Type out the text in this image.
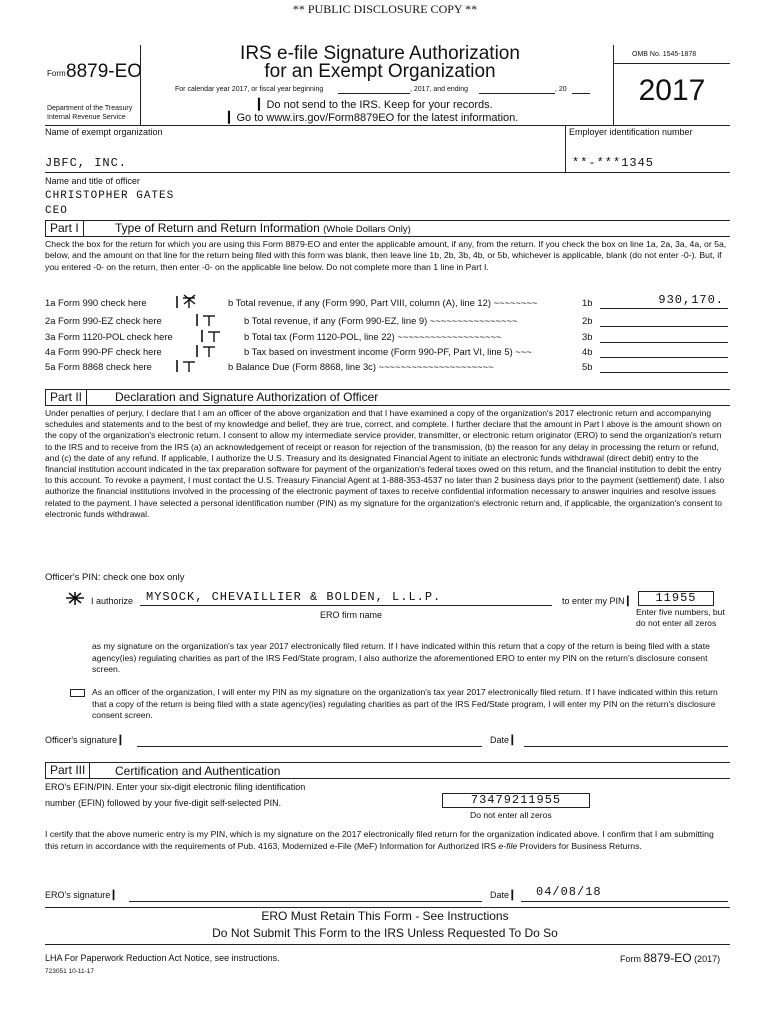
** PUBLIC DISCLOSURE COPY **
Form 8879-EO
Department of the Treasury
Internal Revenue Service
IRS e-file Signature Authorization
for an Exempt Organization
For calendar year 2017, or fiscal year beginning	, 2017, and ending	, 20
▎Do not send to the IRS. Keep for your records.
▎Go to www.irs.gov/Form8879EO for the latest information.
OMB No. 1545-1878
2017
Name of exempt organization
JBFC, INC.
Employer identification number
**-***1345
Name and title of officer
CHRISTOPHER GATES
CEO
Part I	Type of Return and Return Information (Whole Dollars Only)
Check the box for the return for which you are using this Form 8879-EO and enter the applicable amount, if any, from the return. If you check the box on line 1a, 2a, 3a, 4a, or 5a, below, and the amount on that line for the return being filed with this form was blank, then leave line 1b, 2b, 3b, 4b, or 5b, whichever is applicable, blank (do not enter -0-). But, if you entered -0- on the return, then enter -0- on the applicable line below. Do not complete more than 1 line in Part I.
1a Form 990 check here	b Total revenue, if any (Form 990, Part VIII, column (A), line 12) ~~~~~~~~	1b	930,170.
2a Form 990-EZ check here	b Total revenue, if any (Form 990-EZ, line 9) ~~~~~~~~~~~~~~~~	2b
3a Form 1120-POL check here	b Total tax (Form 1120-POL, line 22) ~~~~~~~~~~~~~~~~~~~	3b
4a Form 990-PF check here	b Tax based on investment income (Form 990-PF, Part VI, line 5) ~~~	4b
5a Form 8868 check here	b Balance Due (Form 8868, line 3c) ~~~~~~~~~~~~~~~~~~~~~	5b
Part II	Declaration and Signature Authorization of Officer
Under penalties of perjury, I declare that I am an officer of the above organization and that I have examined a copy of the organization's 2017 electronic return and accompanying schedules and statements and to the best of my knowledge and belief, they are true, correct, and complete. I further declare that the amount in Part I above is the amount shown on the copy of the organization's electronic return. I consent to allow my intermediate service provider, transmitter, or electronic return originator (ERO) to send the organization's return to the IRS and to receive from the IRS (a) an acknowledgement of receipt or reason for rejection of the transmission, (b) the reason for any delay in processing the return or refund, and (c) the date of any refund. If applicable, I authorize the U.S. Treasury and its designated Financial Agent to initiate an electronic funds withdrawal (direct debit) entry to the financial institution account indicated in the tax preparation software for payment of the organization's federal taxes owed on this return, and the financial institution to debit the entry to this account. To revoke a payment, I must contact the U.S. Treasury Financial Agent at 1-888-353-4537 no later than 2 business days prior to the payment (settlement) date. I also authorize the financial institutions involved in the processing of the electronic payment of taxes to receive confidential information necessary to answer inquiries and resolve issues related to the payment. I have selected a personal identification number (PIN) as my signature for the organization's electronic return and, if applicable, the organization's consent to electronic funds withdrawal.
Officer's PIN: check one box only
I authorize MYSOCK, CHEVAILLIER & BOLDEN, L.L.P.
ERO firm name
to enter my PIN ▎	11955
Enter five numbers, but
do not enter all zeros
as my signature on the organization's tax year 2017 electronically filed return. If I have indicated within this return that a copy of the return is being filed with a state agency(ies) regulating charities as part of the IRS Fed/State program, I also authorize the aforementioned ERO to enter my PIN on the return's disclosure consent screen.
As an officer of the organization, I will enter my PIN as my signature on the organization's tax year 2017 electronically filed return. If I have indicated within this return that a copy of the return is being filed with a state agency(ies) regulating charities as part of the IRS Fed/State program, I will enter my PIN on the return's disclosure consent screen.
Officer's signature ▎	Date ▎
Part III	Certification and Authentication
ERO's EFIN/PIN. Enter your six-digit electronic filing identification
number (EFIN) followed by your five-digit self-selected PIN.	73479211955
Do not enter all zeros
I certify that the above numeric entry is my PIN, which is my signature on the 2017 electronically filed return for the organization indicated above. I confirm that I am submitting this return in accordance with the requirements of Pub. 4163, Modernized e-File (MeF) Information for Authorized IRS e-file Providers for Business Returns.
ERO's signature ▎	Date ▎ 04/08/18
ERO Must Retain This Form - See Instructions
Do Not Submit This Form to the IRS Unless Requested To Do So
LHA For Paperwork Reduction Act Notice, see instructions.	Form 8879-EO (2017)
723051 10-11-17
